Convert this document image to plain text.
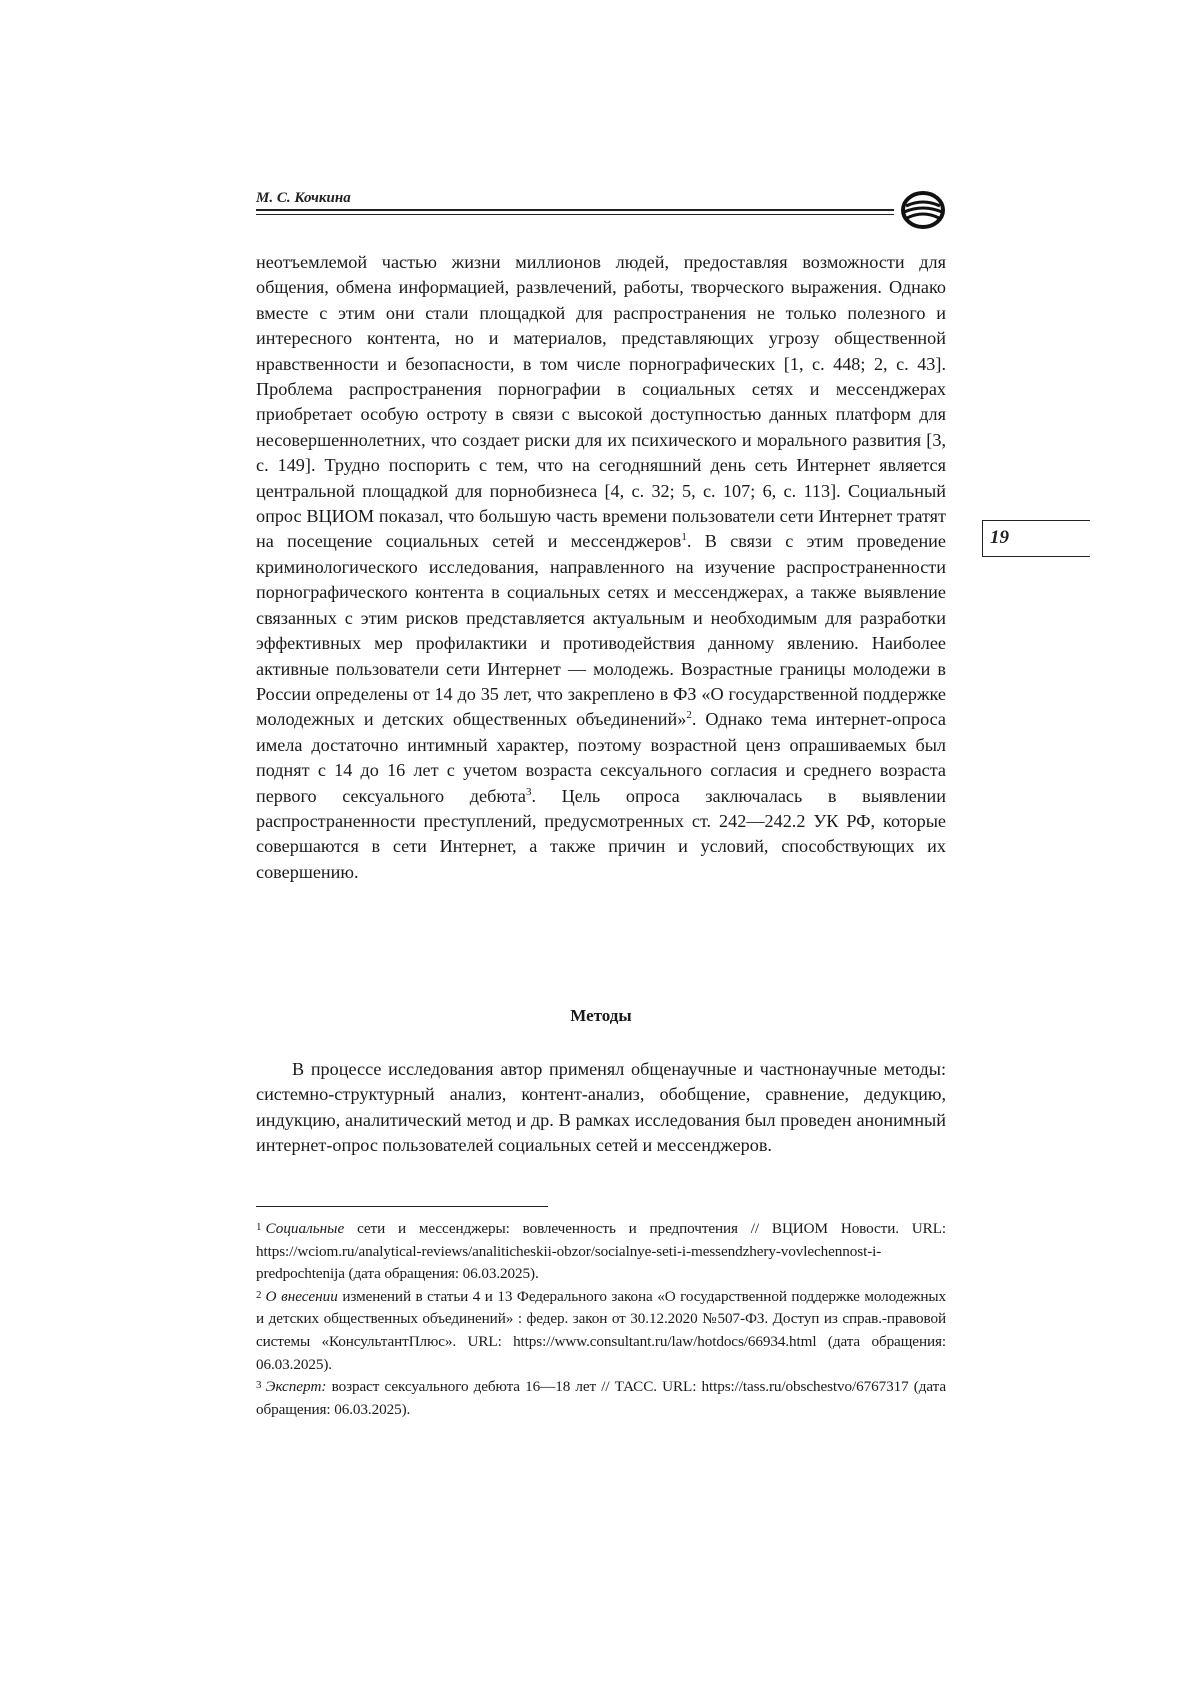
М. С. Кочкина
19

неотъемлемой частью жизни миллионов людей, предоставляя возможности для общения, обмена информацией, развлечений, работы, творческого выражения. Однако вместе с этим они стали площадкой для распространения не только полезного и интересного контента, но и материалов, представляющих угрозу общественной нравственности и безопасности, в том числе порнографических [1, с. 448; 2, с. 43]. Проблема распространения порнографии в социальных сетях и мессенджерах приобретает особую остроту в связи с высокой доступностью данных платформ для несовершеннолетних, что создает риски для их психического и морального развития [3, с. 149]. Трудно поспорить с тем, что на сегодняшний день сеть Интернет является центральной площадкой для порнобизнеса [4, с. 32; 5, с. 107; 6, с. 113]. Социальный опрос ВЦИОМ показал, что большую часть времени пользователи сети Интернет тратят на посещение социальных сетей и мессенджеров$^1$. В связи с этим проведение криминологического исследования, направленного на изучение распространенности порнографического контента в социальных сетях и мессенджерах, а также выявление связанных с этим рисков представляется актуальным и необходимым для разработки эффективных мер профилактики и противодействия данному явлению. Наиболее активные пользователи сети Интернет — молодежь. Возрастные границы молодежи в России определены от 14 до 35 лет, что закреплено в ФЗ «О государственной поддержке молодежных и детских общественных объединений»$^2$. Однако тема интернет-опроса имела достаточно интимный характер, поэтому возрастной ценз опрашиваемых был поднят с 14 до 16 лет с учетом возраста сексуального согласия и среднего возраста первого сексуального дебюта$^3$. Цель опроса заключалась в выявлении распространенности преступлений, предусмотренных ст. 242—242.2 УК РФ, которые совершаются в сети Интернет, а также причин и условий, способствующих их совершению.

Методы

В процессе исследования автор применял общенаучные и частнонаучные методы: системно-структурный анализ, контент-анализ, обобщение, сравнение, дедукцию, индукцию, аналитический метод и др. В рамках исследования был проведен анонимный интернет-опрос пользователей социальных сетей и мессенджеров.

$^1$ Социальные сети и мессенджеры: вовлеченность и предпочтения // ВЦИОМ Новости. URL: https://wciom.ru/analytical-reviews/analiticheskii-obzor/socialnye-seti-i-messendzhery-vovlechennost-i-predpochtenija (дата обращения: 06.03.2025).

$^2$ О внесении изменений в статьи 4 и 13 Федерального закона «О государственной поддержке молодежных и детских общественных объединений» : федер. закон от 30.12.2020 №507-ФЗ. Доступ из справ.-правовой системы «КонсультантПлюс». URL: https://www.consultant.ru/law/hotdocs/66934.html (дата обращения: 06.03.2025).

$^3$ Эксперт: возраст сексуального дебюта 16—18 лет // ТАСС. URL: https://tass.ru/obschestvo/6767317 (дата обращения: 06.03.2025).
